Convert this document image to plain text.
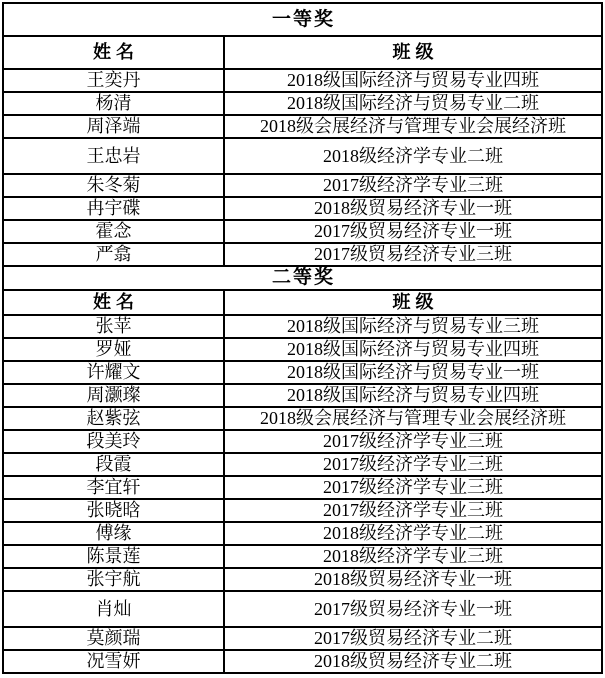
一等奖	
姓名	班级
王奕丹	2018级国际经济与贸易专业四班
杨清	2018级国际经济与贸易专业二班
周泽端	2018级会展经济与管理专业会展经济班
王忠岩	2018级经济学专业二班
朱冬菊	2017级经济学专业三班
冉宇碟	2018级贸易经济专业一班
霍念	2017级贸易经济专业一班
严翕	2017级贸易经济专业三班
二等奖	
姓名	班级
张苹	2018级国际经济与贸易专业三班
罗娅	2018级国际经济与贸易专业四班
许耀文	2018级国际经济与贸易专业一班
周灏璨	2018级国际经济与贸易专业四班
赵紫弦	2018级会展经济与管理专业会展经济班
段美玲	2017级经济学专业三班
段霞	2017级经济学专业三班
李宜轩	2017级经济学专业三班
张晓晗	2017级经济学专业三班
傅缘	2018级经济学专业二班
陈景莲	2018级经济学专业三班
张宇航	2018级贸易经济专业一班
肖灿	2017级贸易经济专业一班
莫颜瑞	2017级贸易经济专业二班
况雪妍	2018级贸易经济专业二班
